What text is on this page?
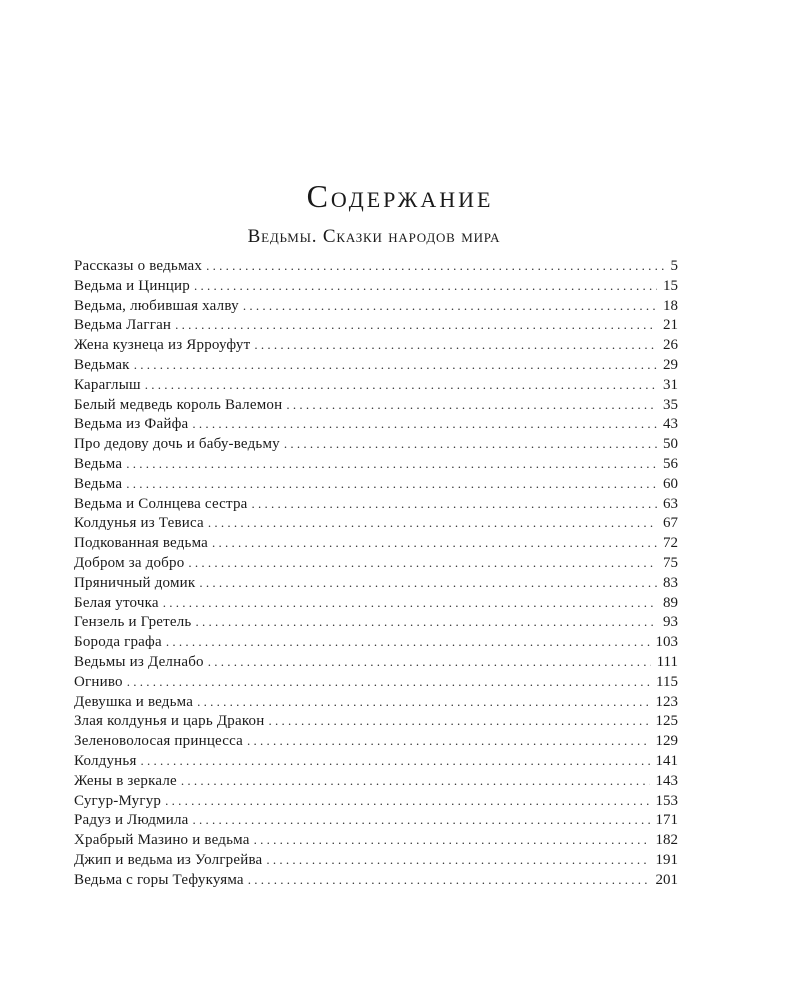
Содержание
Ведьмы. Сказки народов мира
Рассказы о ведьмах . . .	5
Ведьма и Цинцир . . .	15
Ведьма, любившая халву . . .	18
Ведьма Лагган . . .	21
Жена кузнеца из Ярроуфут . . .	26
Ведьмак . . .	29
Караглыш . . .	31
Белый медведь король Валемон . . .	35
Ведьма из Файфа . . .	43
Про дедову дочь и бабу-ведьму . . .	50
Ведьма . . .	56
Ведьма . . .	60
Ведьма и Солнцева сестра . . .	63
Колдунья из Тевиса . . .	67
Подкованная ведьма . . .	72
Добром за добро . . .	75
Пряничный домик . . .	83
Белая уточка . . .	89
Гензель и Гретель . . .	93
Борода графа . . .	103
Ведьмы из Делнабо . . .	111
Огниво . . .	115
Девушка и ведьма . . .	123
Злая колдунья и царь Дракон . . .	125
Зеленоволосая принцесса . . .	129
Колдунья . . .	141
Жены в зеркале . . .	143
Сугур-Мугур . . .	153
Радуз и Людмила . . .	171
Храбрый Мазино и ведьма . . .	182
Джип и ведьма из Уолгрейва . . .	191
Ведьма с горы Тефукуяма . . .	201
